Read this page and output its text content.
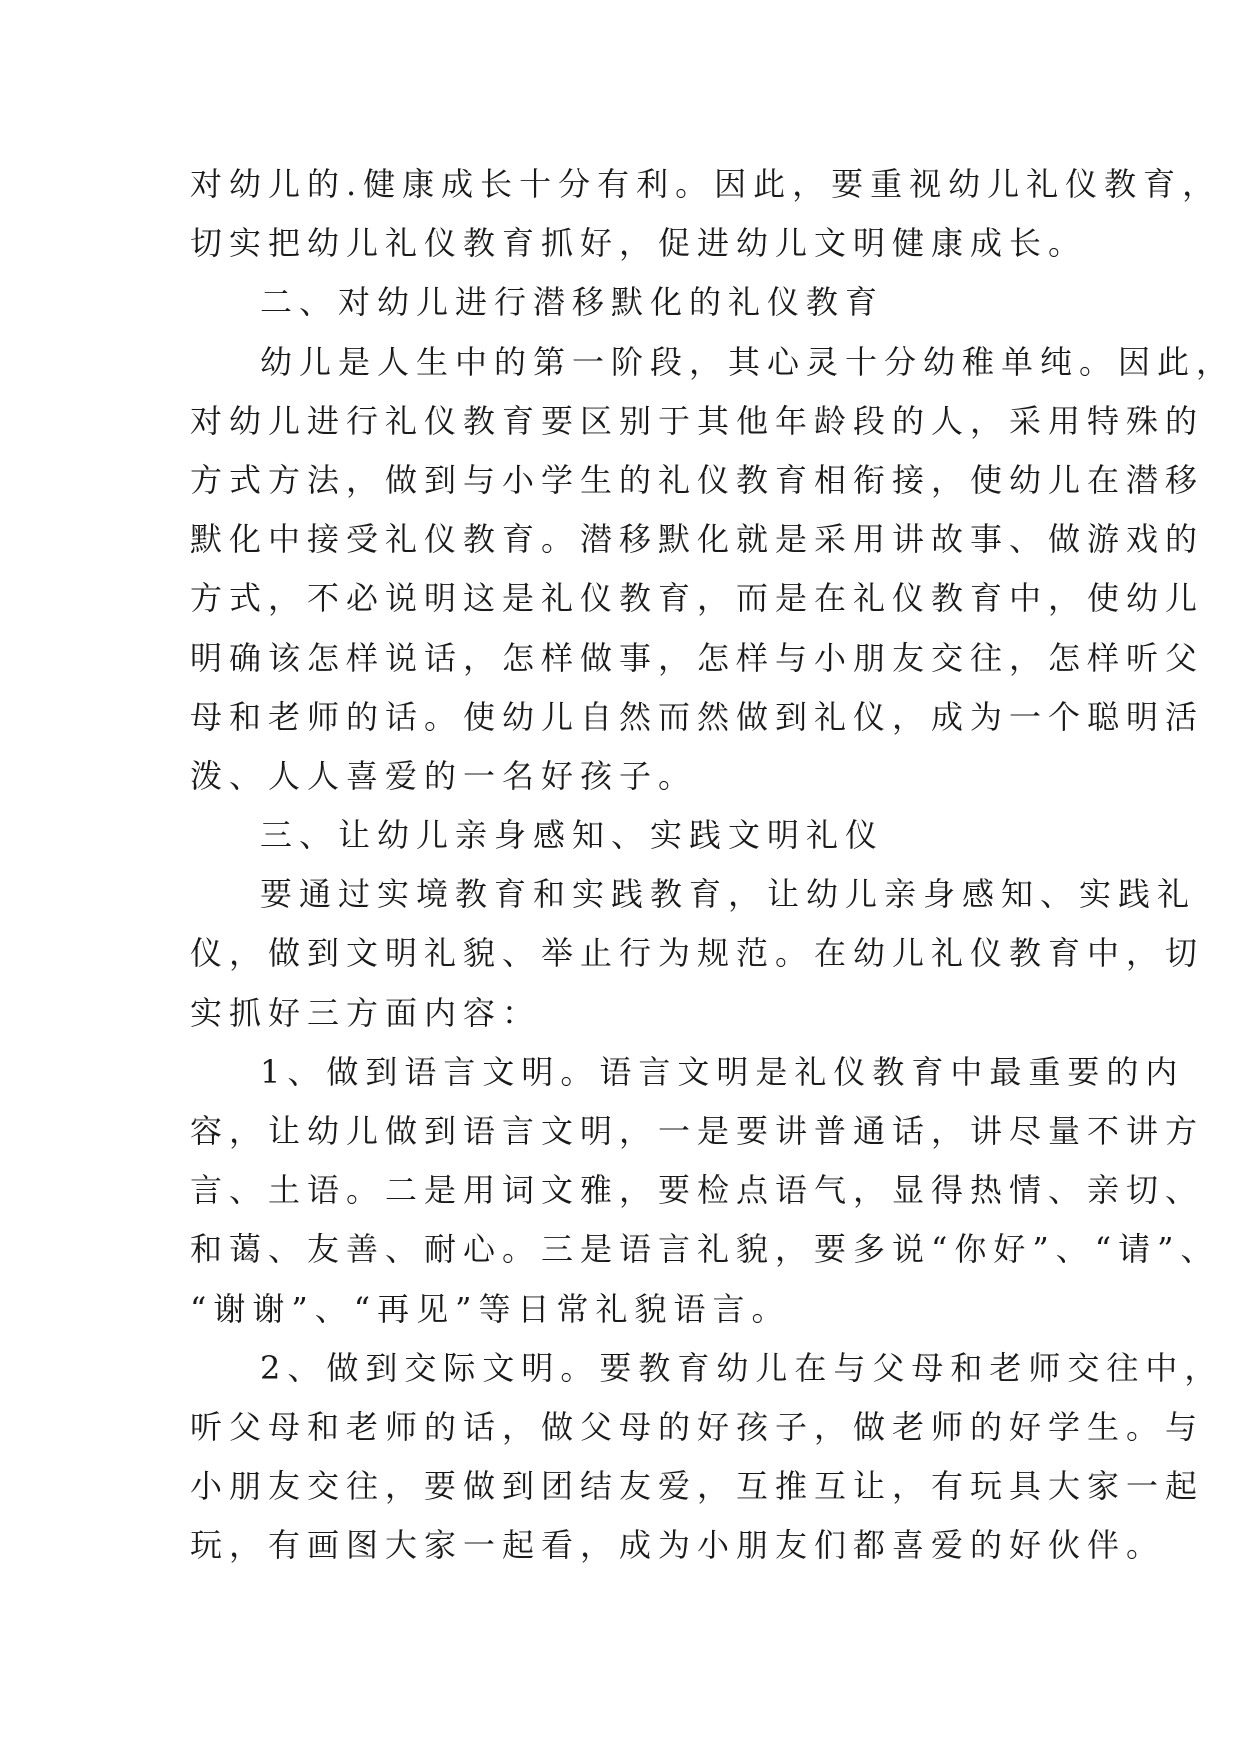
对幼儿的.健康成长十分有利。因此，要重视幼儿礼仪教育，
切实把幼儿礼仪教育抓好，促进幼儿文明健康成长。
二、对幼儿进行潜移默化的礼仪教育
幼儿是人生中的第一阶段，其心灵十分幼稚单纯。因此，
对幼儿进行礼仪教育要区别于其他年龄段的人，采用特殊的
方式方法，做到与小学生的礼仪教育相衔接，使幼儿在潜移
默化中接受礼仪教育。潜移默化就是采用讲故事、做游戏的
方式，不必说明这是礼仪教育，而是在礼仪教育中，使幼儿
明确该怎样说话，怎样做事，怎样与小朋友交往，怎样听父
母和老师的话。使幼儿自然而然做到礼仪，成为一个聪明活
泼、人人喜爱的一名好孩子。
三、让幼儿亲身感知、实践文明礼仪
要通过实境教育和实践教育，让幼儿亲身感知、实践礼
仪，做到文明礼貌、举止行为规范。在幼儿礼仪教育中，切
实抓好三方面内容：
1、做到语言文明。语言文明是礼仪教育中最重要的内
容，让幼儿做到语言文明，一是要讲普通话，讲尽量不讲方
言、土语。二是用词文雅，要检点语气，显得热情、亲切、
和蔼、友善、耐心。三是语言礼貌，要多说“你好”、“请”、
“谢谢”、“再见”等日常礼貌语言。
2、做到交际文明。要教育幼儿在与父母和老师交往中，
听父母和老师的话，做父母的好孩子，做老师的好学生。与
小朋友交往，要做到团结友爱，互推互让，有玩具大家一起
玩，有画图大家一起看，成为小朋友们都喜爱的好伙伴。
